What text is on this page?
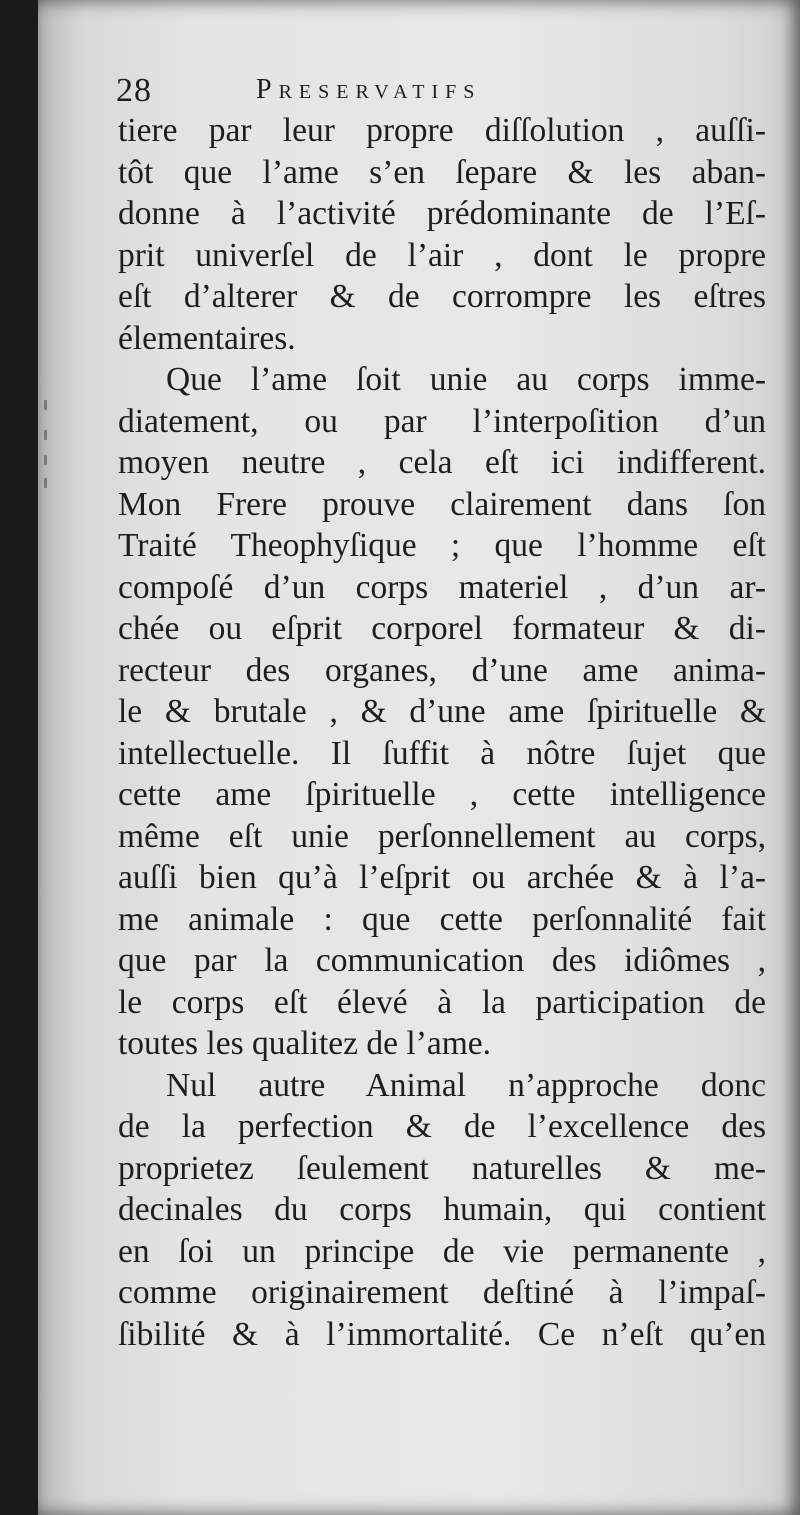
28	Preservatifs

tiere par leur propre diſſolution , auſſi-
tôt que l’ame s’en ſepare & les aban-
donne à l’activité prédominante de l’Eſ-
prit univerſel de l’air , dont le propre
eſt d’alterer & de corrompre les eſtres
élementaires.

Que l’ame ſoit unie au corps imme-
diatement, ou par l’interpoſition d’un
moyen neutre , cela eſt ici indifferent.
Mon Frere prouve clairement dans ſon
Traité Theophyſique ; que l’homme eſt
compoſé d’un corps materiel , d’un ar-
chée ou eſprit corporel formateur & di-
recteur des organes, d’une ame anima-
le & brutale , & d’une ame ſpirituelle &
intellectuelle. Il ſuffit à nôtre ſujet que
cette ame ſpirituelle , cette intelligence
même eſt unie perſonnellement au corps,
auſſi bien qu’à l’eſprit ou archée & à l’a-
me animale : que cette perſonnalité fait
que par la communication des idiômes ,
le corps eſt élevé à la participation de
toutes les qualitez de l’ame.

Nul autre Animal n’approche donc
de la perfection & de l’excellence des
proprietez ſeulement naturelles & me-
decinales du corps humain, qui contient
en ſoi un principe de vie permanente ,
comme originairement deſtiné à l’impaſ-
ſibilité & à l’immortalité. Ce n’eſt qu’en
